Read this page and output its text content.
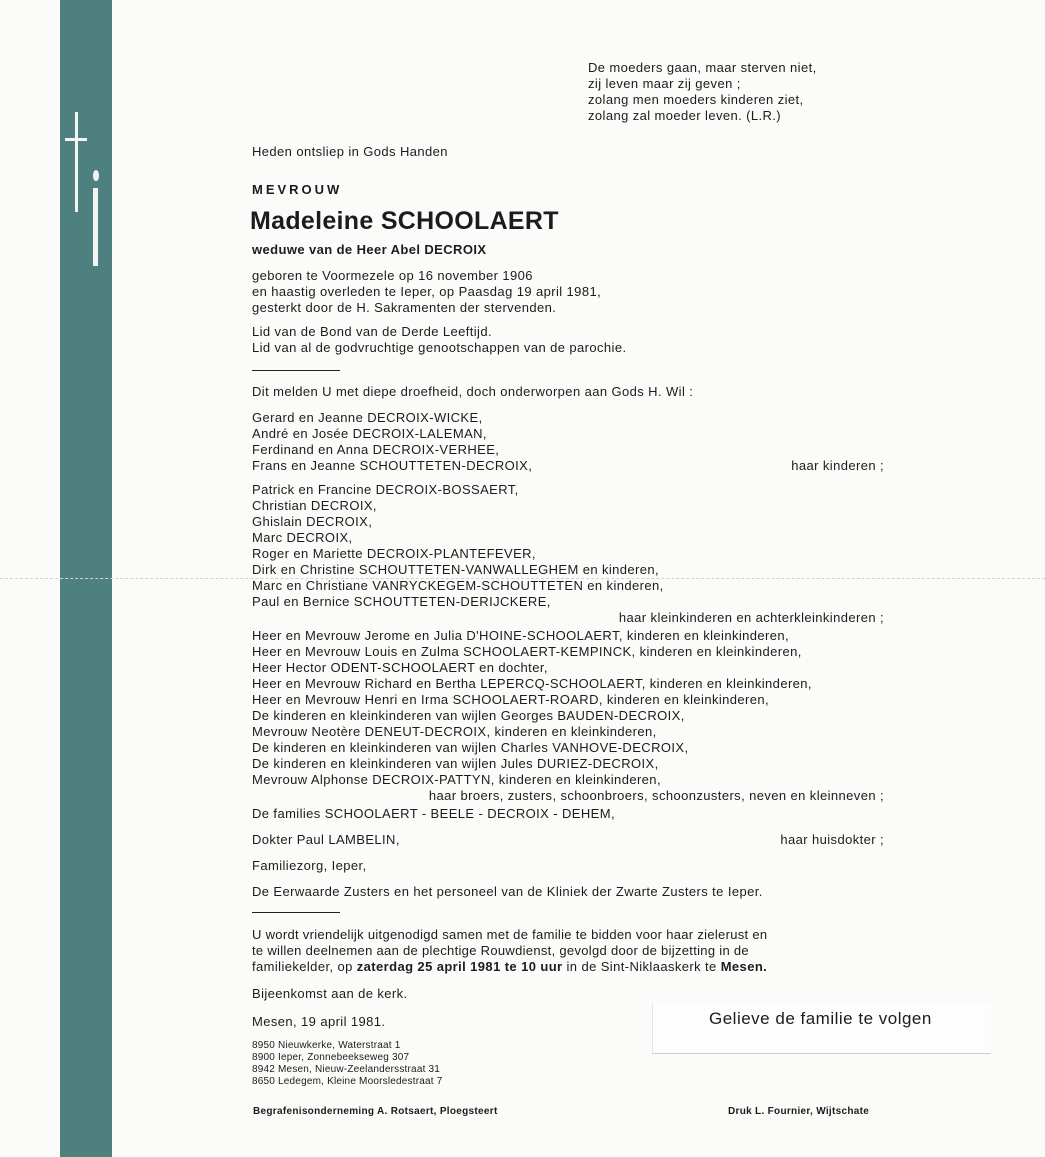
De moeders gaan, maar sterven niet,
zij leven maar zij geven ;
zolang men moeders kinderen ziet,
zolang zal moeder leven. (L.R.)
Heden ontsliep in Gods Handen
MEVROUW
Madeleine SCHOOLAERT
weduwe van de Heer Abel DECROIX
geboren te Voormezele op 16 november 1906
en haastig overleden te Ieper, op Paasdag 19 april 1981,
gesterkt door de H. Sakramenten der stervenden.
Lid van de Bond van de Derde Leeftijd.
Lid van al de godvruchtige genootschappen van de parochie.
Dit melden U met diepe droefheid, doch onderworpen aan Gods H. Wil :
Gerard en Jeanne DECROIX-WICKE,
André en Josée DECROIX-LALEMAN,
Ferdinand en Anna DECROIX-VERHEE,
Frans en Jeanne SCHOUTTETEN-DECROIX,	haar kinderen ;
Patrick en Francine DECROIX-BOSSAERT,
Christian DECROIX,
Ghislain DECROIX,
Marc DECROIX,
Roger en Mariette DECROIX-PLANTEFEVER,
Dirk en Christine SCHOUTTETEN-VANWALLEGHEM en kinderen,
Marc en Christiane VANRYCKEGEM-SCHOUTTETEN en kinderen,
Paul en Bernice SCHOUTTETEN-DERIJCKERE,
haar kleinkinderen en achterkleinkinderen ;

Heer en Mevrouw Jerome en Julia D'HOINE-SCHOOLAERT, kinderen en kleinkinderen,
Heer en Mevrouw Louis en Zulma SCHOOLAERT-KEMPINCK, kinderen en kleinkinderen,
Heer Hector ODENT-SCHOOLAERT en dochter,
Heer en Mevrouw Richard en Bertha LEPERCQ-SCHOOLAERT, kinderen en kleinkinderen,
Heer en Mevrouw Henri en Irma SCHOOLAERT-ROARD, kinderen en kleinkinderen,
De kinderen en kleinkinderen van wijlen Georges BAUDEN-DECROIX,
Mevrouw Neotère DENEUT-DECROIX, kinderen en kleinkinderen,
De kinderen en kleinkinderen van wijlen Charles VANHOVE-DECROIX,
De kinderen en kleinkinderen van wijlen Jules DURIEZ-DECROIX,
Mevrouw Alphonse DECROIX-PATTYN, kinderen en kleinkinderen,
haar broers, zusters, schoonbroers, schoonzusters, neven en kleinneven ;

De families SCHOOLAERT - BEELE - DECROIX - DEHEM,
Dokter Paul LAMBELIN,	haar huisdokter ;
Familiezorg, Ieper,
De Eerwaarde Zusters en het personeel van de Kliniek der Zwarte Zusters te Ieper.
U wordt vriendelijk uitgenodigd samen met de familie te bidden voor haar zielerust en
te willen deelnemen aan de plechtige Rouwdienst, gevolgd door de bijzetting in de
familiekelder, op zaterdag 25 april 1981 te 10 uur in de Sint-Niklaaskerk te Mesen.
Bijeenkomst aan de kerk.
Mesen, 19 april 1981.	Gelieve de familie te volgen
8950 Nieuwkerke, Waterstraat 1
8900 Ieper, Zonnebeekseweg 307
8942 Mesen, Nieuw-Zeelandersstraat 31
8650 Ledegem, Kleine Moorsledestraat 7
Begrafenisonderneming A. Rotsaert, Ploegsteert	Druk L. Fournier, Wijtschate
